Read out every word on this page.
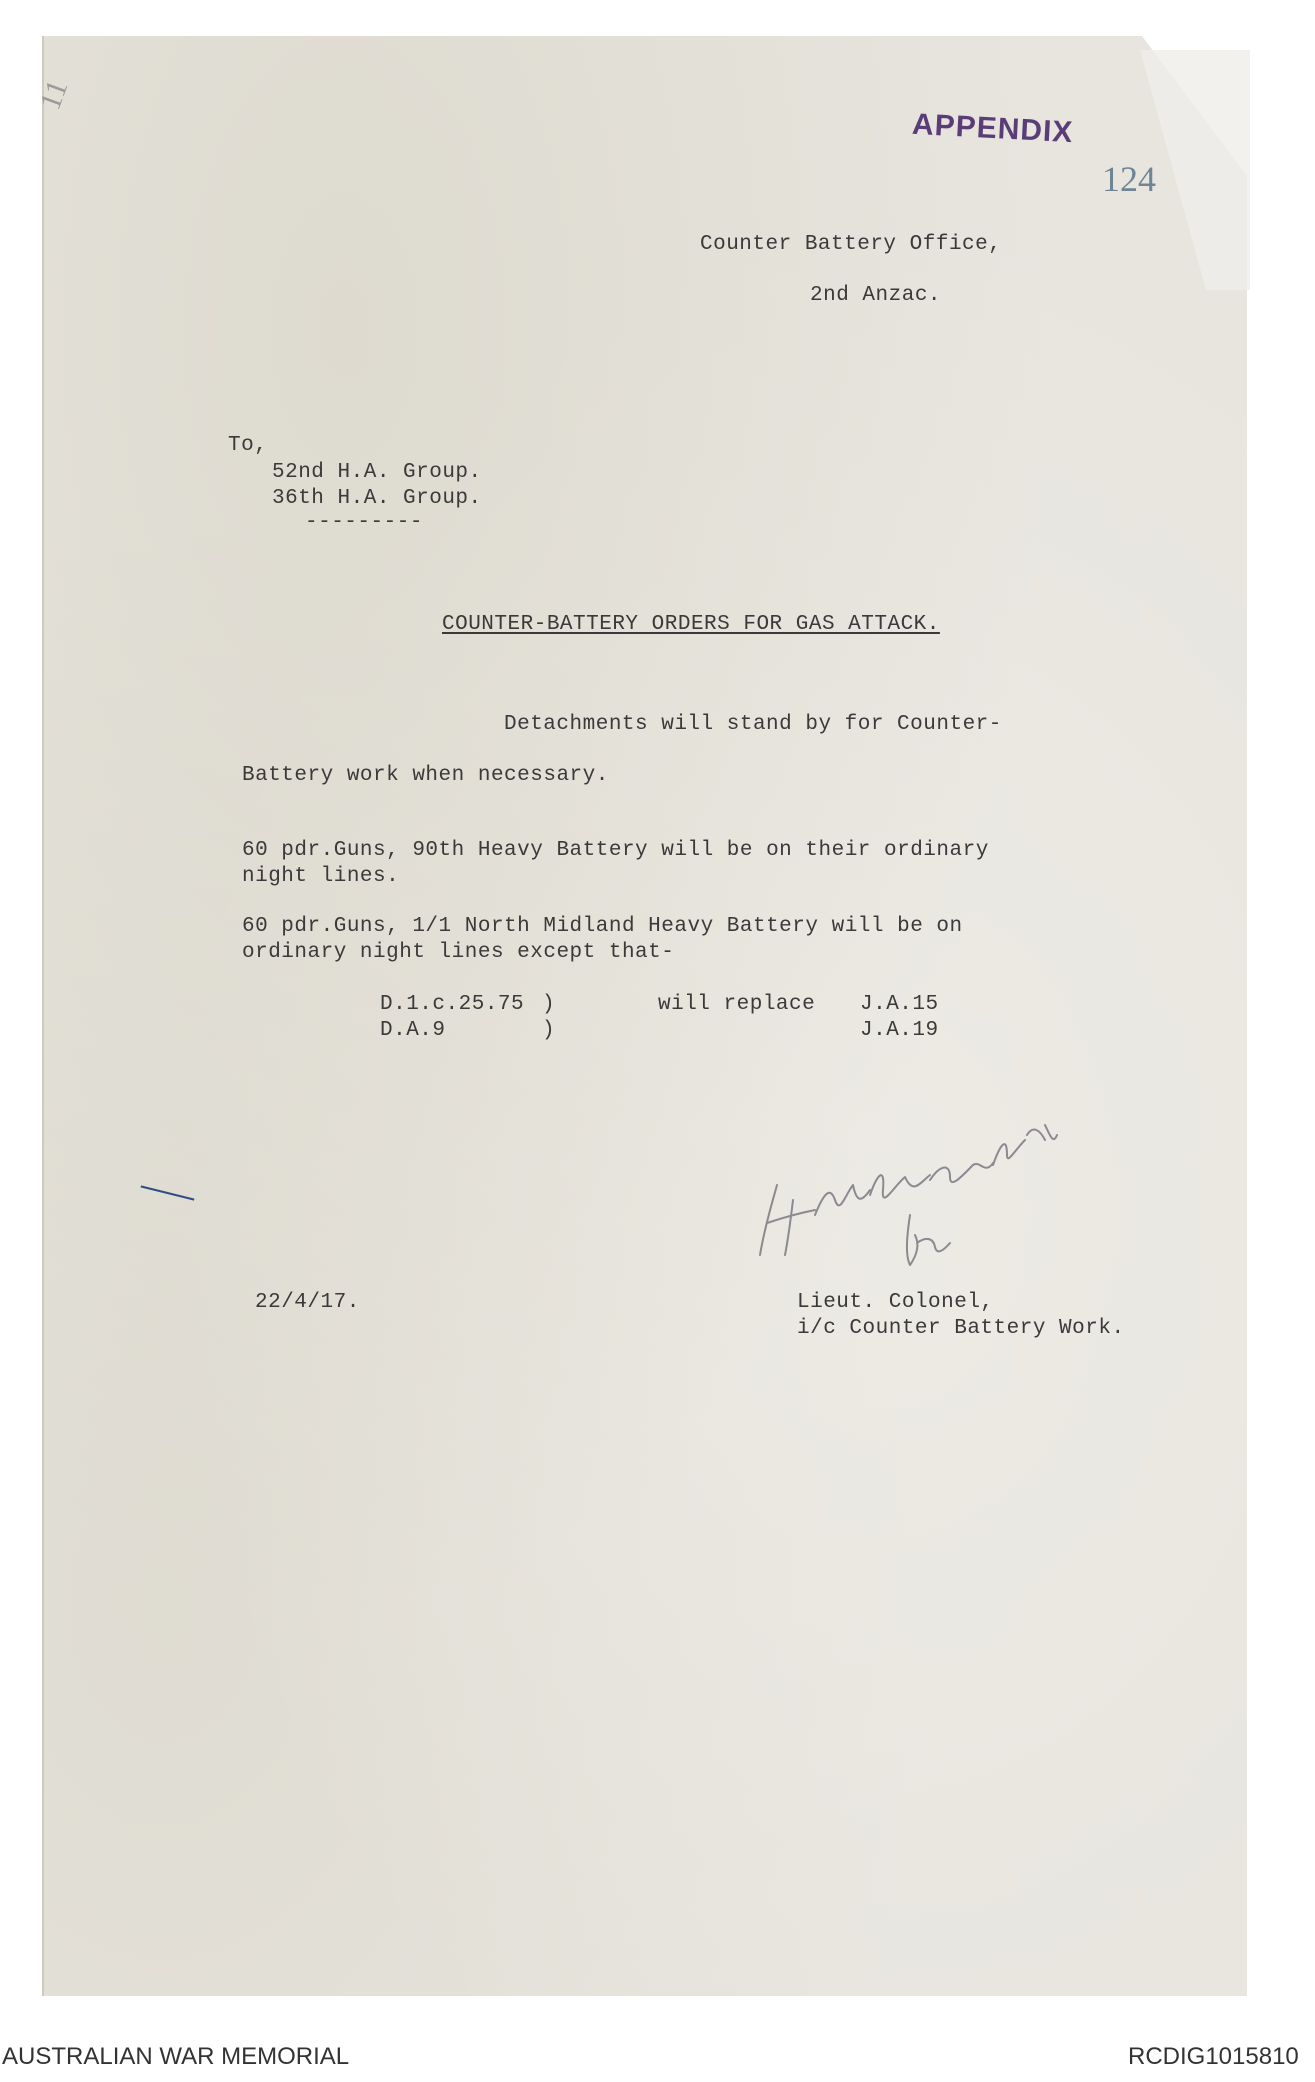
11
APPENDIX
124
Counter Battery Office,
2nd Anzac.
To,
52nd H.A. Group.
36th H.A. Group.
---------
COUNTER-BATTERY ORDERS FOR GAS ATTACK.
Detachments will stand by for Counter-
Battery work when necessary.
60 pdr.Guns, 90th Heavy Battery will be on their ordinary
night lines.
60 pdr.Guns, 1/1 North Midland Heavy Battery will be on
ordinary night lines except that-
D.1.c.25.75 )	will replace J.A.15
D.A.9	)	J.A.19
for
22/4/17.	Lieut. Colonel,
i/c Counter Battery Work.
AUSTRALIAN WAR MEMORIAL	RCDIG1015810
